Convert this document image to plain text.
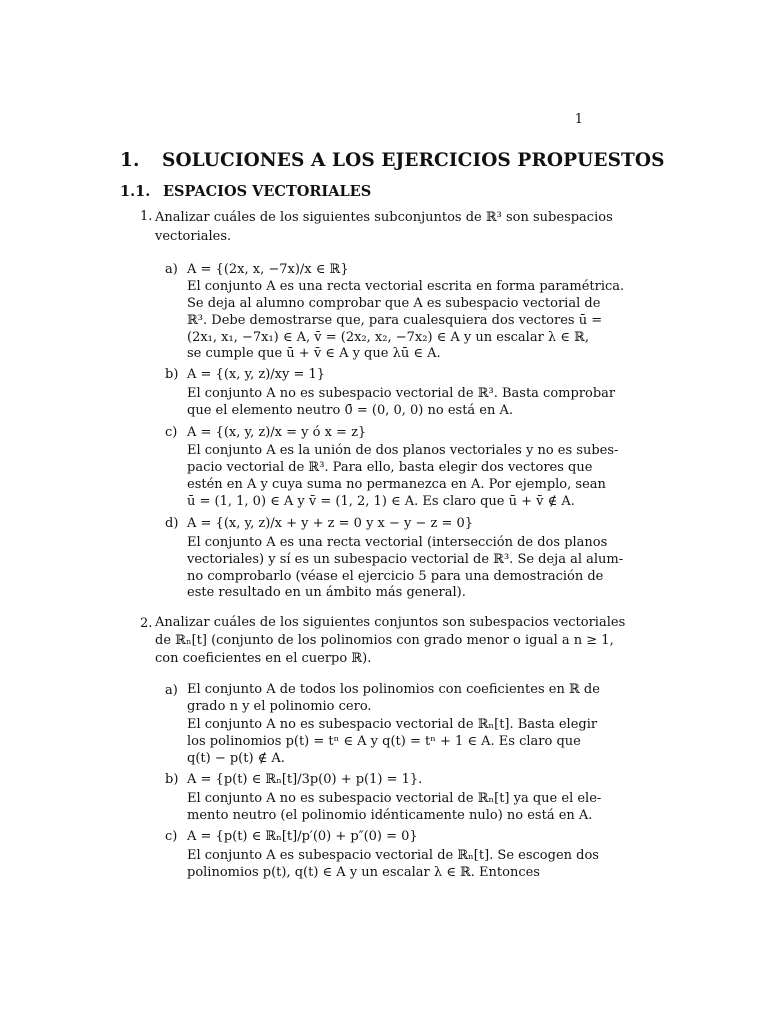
1
1. SOLUCIONES A LOS EJERCICIOS PROPUESTOS
1.1. ESPACIOS VECTORIALES
1. Analizar cuáles de los siguientes subconjuntos de ℝ³ son subespacios
vectoriales.
a) A = {(2x, x, −7x)/x ∈ ℝ}
El conjunto A es una recta vectorial escrita en forma paramétrica.
Se deja al alumno comprobar que A es subespacio vectorial de
ℝ³. Debe demostrarse que, para cualesquiera dos vectores ū =
(2x₁, x₁, −7x₁) ∈ A, v̄ = (2x₂, x₂, −7x₂) ∈ A y un escalar λ ∈ ℝ,
se cumple que ū + v̄ ∈ A y que λū ∈ A.
b) A = {(x, y, z)/xy = 1}
El conjunto A no es subespacio vectorial de ℝ³. Basta comprobar
que el elemento neutro 0̄ = (0, 0, 0) no está en A.
c) A = {(x, y, z)/x = y ó x = z}
El conjunto A es la unión de dos planos vectoriales y no es subes-
pacio vectorial de ℝ³. Para ello, basta elegir dos vectores que
estén en A y cuya suma no permanezca en A. Por ejemplo, sean
ū = (1, 1, 0) ∈ A y v̄ = (1, 2, 1) ∈ A. Es claro que ū + v̄ ∉ A.
d) A = {(x, y, z)/x + y + z = 0 y x − y − z = 0}
El conjunto A es una recta vectorial (intersección de dos planos
vectoriales) y sí es un subespacio vectorial de ℝ³. Se deja al alum-
no comprobarlo (véase el ejercicio 5 para una demostración de
este resultado en un ámbito más general).
2. Analizar cuáles de los siguientes conjuntos son subespacios vectoriales
de ℝₙ[t] (conjunto de los polinomios con grado menor o igual a n ≥ 1,
con coeficientes en el cuerpo ℝ).
a) El conjunto A de todos los polinomios con coeficientes en ℝ de
grado n y el polinomio cero.
El conjunto A no es subespacio vectorial de ℝₙ[t]. Basta elegir
los polinomios p(t) = tⁿ ∈ A y q(t) = tⁿ + 1 ∈ A. Es claro que
q(t) − p(t) ∉ A.
b) A = {p(t) ∈ ℝₙ[t]/3p(0) + p(1) = 1}.
El conjunto A no es subespacio vectorial de ℝₙ[t] ya que el ele-
mento neutro (el polinomio idénticamente nulo) no está en A.
c) A = {p(t) ∈ ℝₙ[t]/p′(0) + p″(0) = 0}
El conjunto A es subespacio vectorial de ℝₙ[t]. Se escogen dos
polinomios p(t), q(t) ∈ A y un escalar λ ∈ ℝ. Entonces
